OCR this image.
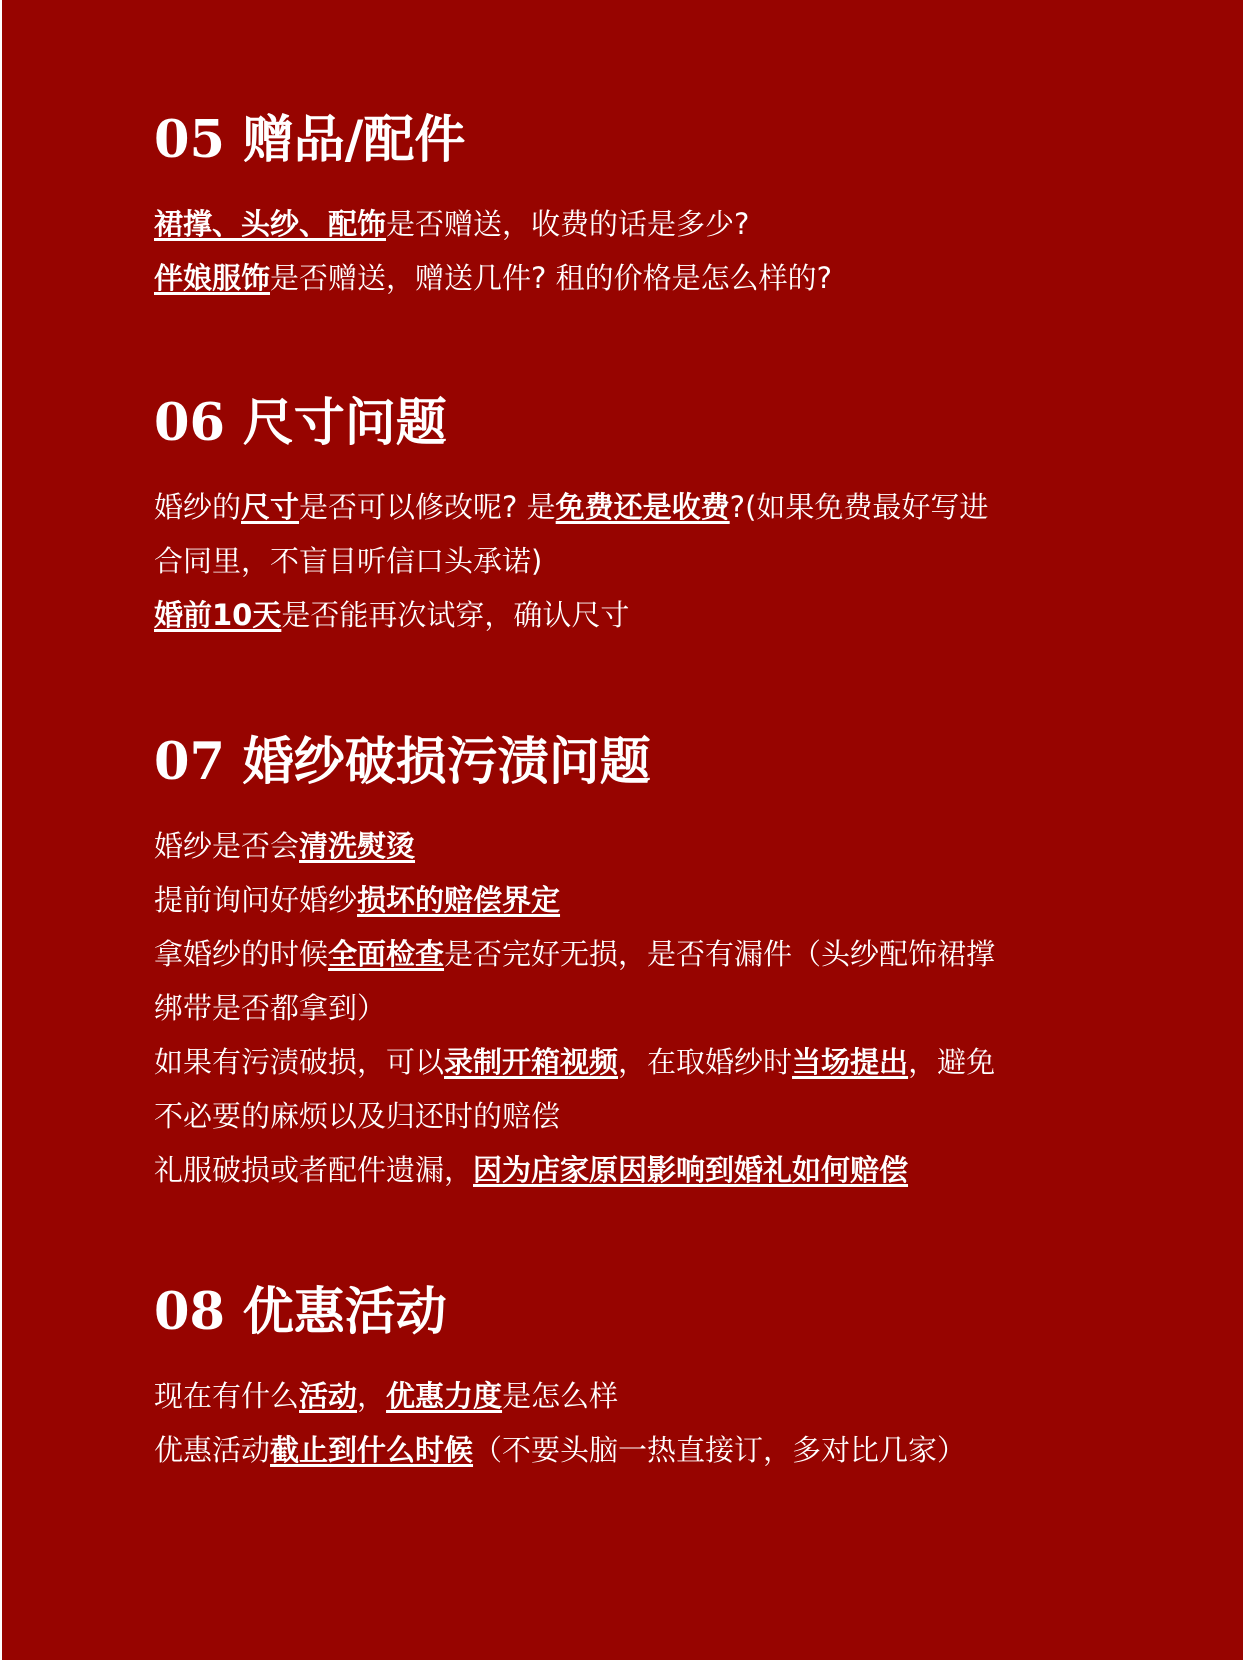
05 赠品/配件
裙撑、头纱、配饰是否赠送，收费的话是多少?
伴娘服饰是否赠送，赠送几件? 租的价格是怎么样的?
06 尺寸问题
婚纱的尺寸是否可以修改呢? 是免费还是收费?(如果免费最好写进
合同里，不盲目听信口头承诺)
婚前10天是否能再次试穿，确认尺寸
07 婚纱破损污渍问题
婚纱是否会清洗熨烫
提前询问好婚纱损坏的赔偿界定
拿婚纱的时候全面检查是否完好无损，是否有漏件（头纱配饰裙撑
绑带是否都拿到）
如果有污渍破损，可以录制开箱视频，在取婚纱时当场提出，避免
不必要的麻烦以及归还时的赔偿
礼服破损或者配件遗漏，因为店家原因影响到婚礼如何赔偿
08 优惠活动
现在有什么活动，优惠力度是怎么样
优惠活动截止到什么时候（不要头脑一热直接订，多对比几家）
